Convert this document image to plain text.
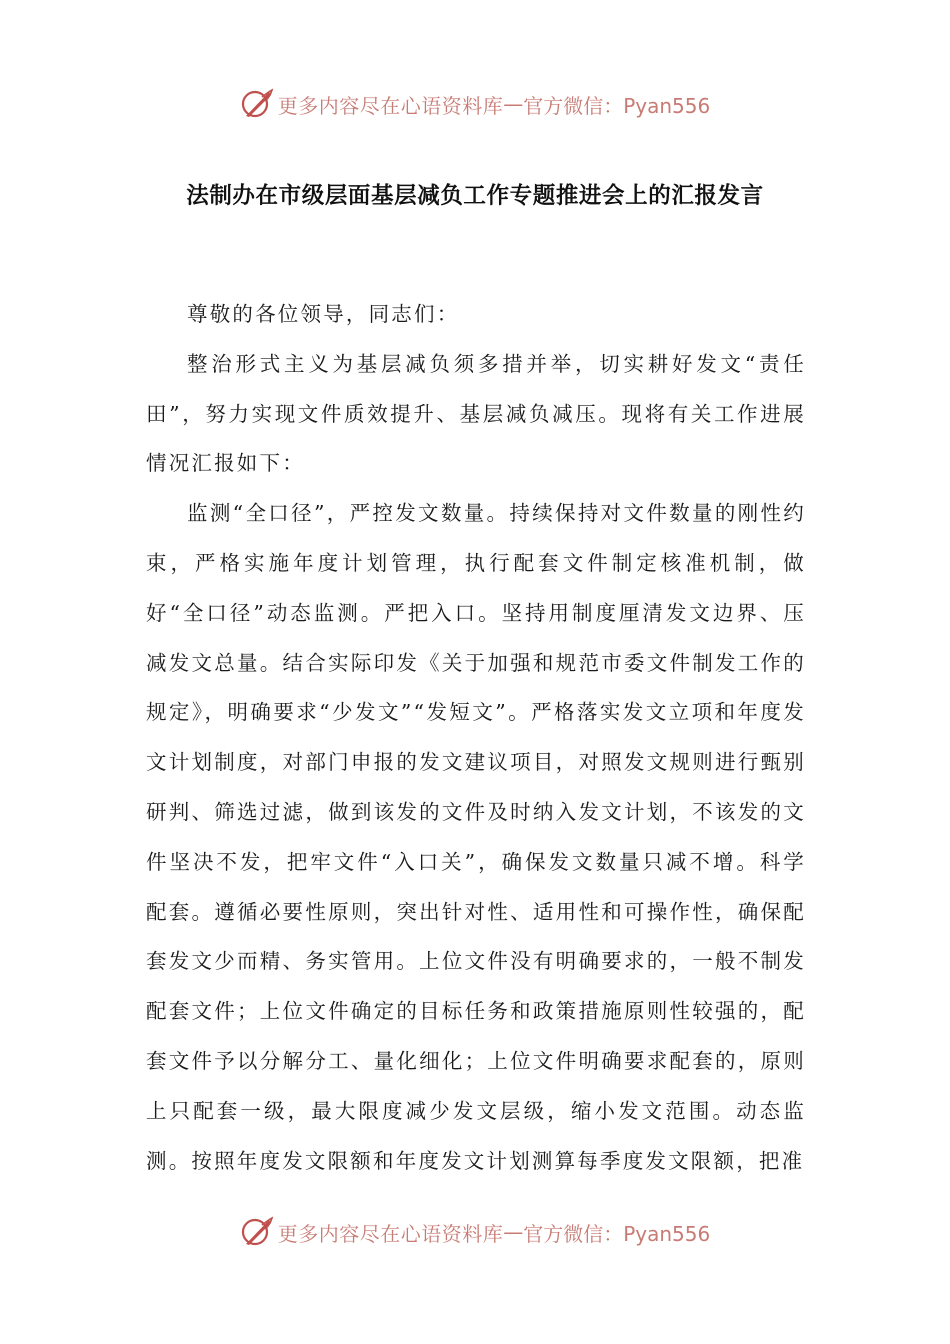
更多内容尽在心语资料库 — 官方微信：Pyan556
法制办在市级层面基层减负工作专题推进会上的汇报发言

尊敬的各位领导，同志们：

整治形式主义为基层减负须多措并举，切实耕好发文“责任田”，努力实现文件质效提升、基层减负减压。现将有关工作进展情况汇报如下：

监测“全口径”，严控发文数量。持续保持对文件数量的刚性约束，严格实施年度计划管理，执行配套文件制定核准机制，做好“全口径”动态监测。严把入口。坚持用制度厘清发文边界、压减发文总量。结合实际印发《关于加强和规范市委文件制发工作的规定》，明确要求“少发文”“发短文”。严格落实发文立项和年度发文计划制度，对部门申报的发文建议项目，对照发文规则进行甄别研判、筛选过滤，做到该发的文件及时纳入发文计划，不该发的文件坚决不发，把牢文件“入口关”，确保发文数量只减不增。科学配套。遵循必要性原则，突出针对性、适用性和可操作性，确保配套发文少而精、务实管用。上位文件没有明确要求的，一般不制发配套文件；上位文件确定的目标任务和政策措施原则性较强的，配套文件予以分解分工、量化细化；上位文件明确要求配套的，原则上只配套一级，最大限度减少发文层级，缩小发文范围。动态监测。按照年度发文限额和年度发文计划测算每季度发文限额，把准

更多内容尽在心语资料库 — 官方微信：Pyan556
